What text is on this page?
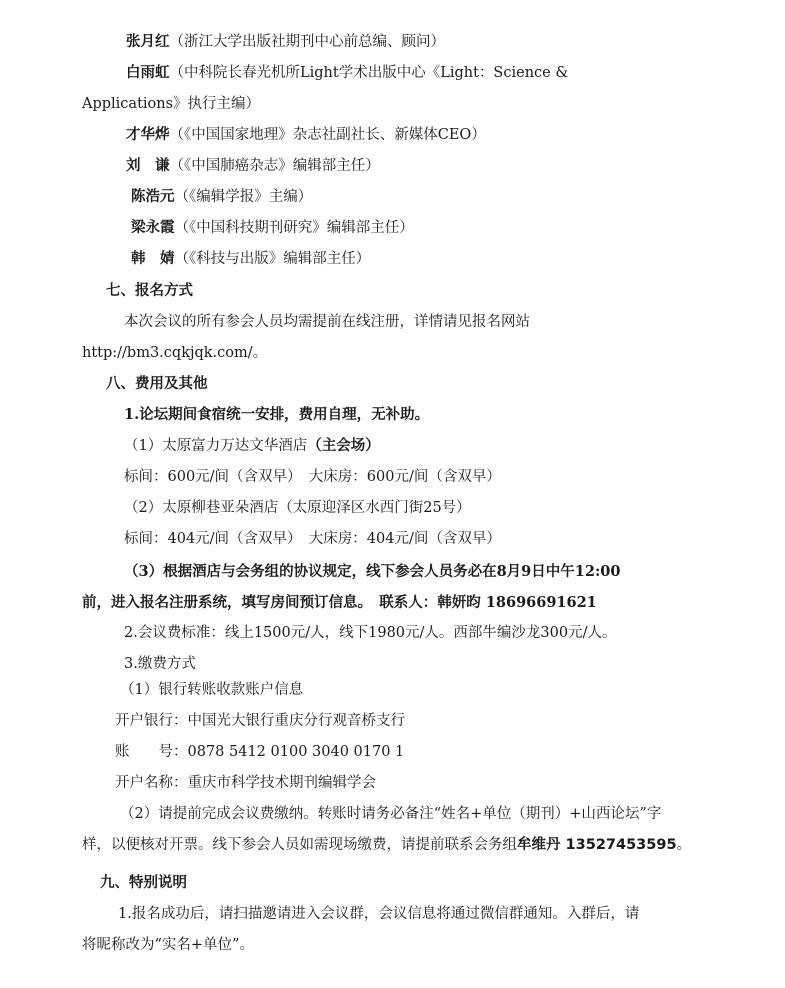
张月红（浙江大学出版社期刊中心前总编、顾问）
白雨虹（中科院长春光机所Light学术出版中心《Light：Science &
Applications》执行主编）
才华烨（《中国国家地理》杂志社副社长、新媒体CEO）
刘　谦（《中国肺癌杂志》编辑部主任）
陈浩元（《编辑学报》主编）
梁永霞（《中国科技期刊研究》编辑部主任）
韩　婧（《科技与出版》编辑部主任）
七、报名方式
本次会议的所有参会人员均需提前在线注册，详情请见报名网站
http://bm3.cqkjqk.com/。
八、费用及其他
1.论坛期间食宿统一安排，费用自理，无补助。
（1）太原富力万达文华酒店（主会场）
标间：600元/间（含双早）　大床房：600元/间（含双早）
（2）太原柳巷亚朵酒店（太原迎泽区水西门街25号）
标间：404元/间（含双早）　大床房：404元/间（含双早）
（3）根据酒店与会务组的协议规定，线下参会人员务必在8月9日中午12:00
前，进入报名注册系统，填写房间预订信息。　联系人：韩妍昀 18696691621
2.会议费标准：线上1500元/人，线下1980元/人。西部牛编沙龙300元/人。
3.缴费方式
（1）银行转账收款账户信息
开户银行：中国光大银行重庆分行观音桥支行
账　　号：0878 5412 0100 3040 0170 1
开户名称：重庆市科学技术期刊编辑学会
（2）请提前完成会议费缴纳。转账时请务必备注“姓名+单位（期刊）+山西论坛”字
样，以便核对开票。线下参会人员如需现场缴费，请提前联系会务组牟维丹 13527453595。
九、特别说明
1.报名成功后，请扫描邀请进入会议群，会议信息将通过微信群通知。入群后，请
将昵称改为“实名+单位”。
